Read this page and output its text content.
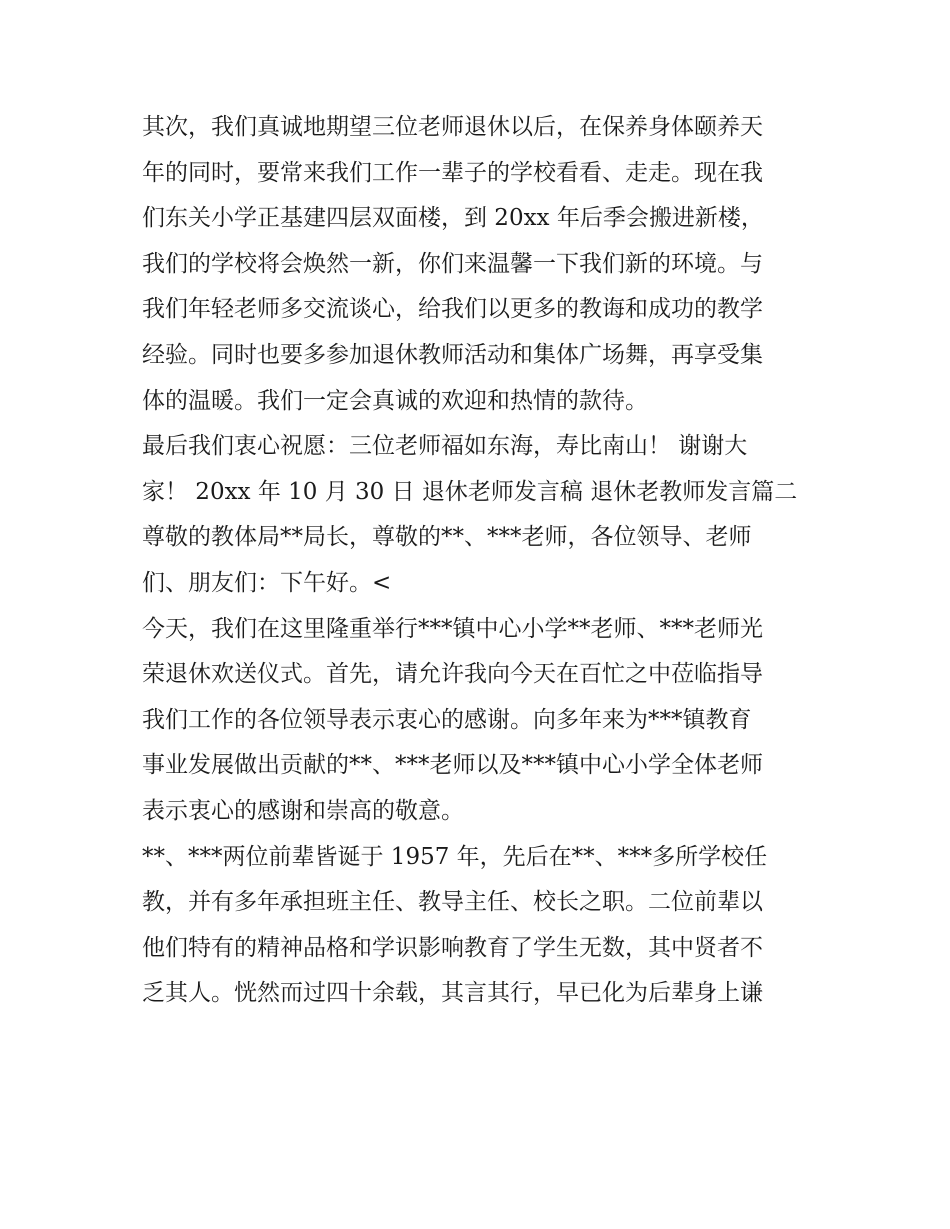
其次，我们真诚地期望三位老师退休以后，在保养身体颐养天
年的同时，要常来我们工作一辈子的学校看看、走走。现在我
们东关小学正基建四层双面楼，到 20xx 年后季会搬进新楼，
我们的学校将会焕然一新，你们来温馨一下我们新的环境。与
我们年轻老师多交流谈心，给我们以更多的教诲和成功的教学
经验。同时也要多参加退休教师活动和集体广场舞，再享受集
体的温暖。我们一定会真诚的欢迎和热情的款待。
最后我们衷心祝愿：三位老师福如东海，寿比南山！ 谢谢大
家！ 20xx 年 10 月 30 日 退休老师发言稿 退休老教师发言篇二
尊敬的教体局**局长，尊敬的**、***老师，各位领导、老师
们、朋友们：下午好。<
今天，我们在这里隆重举行***镇中心小学**老师、***老师光
荣退休欢送仪式。首先，请允许我向今天在百忙之中莅临指导
我们工作的各位领导表示衷心的感谢。向多年来为***镇教育
事业发展做出贡献的**、***老师以及***镇中心小学全体老师
表示衷心的感谢和崇高的敬意。
**、***两位前辈皆诞于 1957 年，先后在**、***多所学校任
教，并有多年承担班主任、教导主任、校长之职。二位前辈以
他们特有的精神品格和学识影响教育了学生无数，其中贤者不
乏其人。恍然而过四十余载，其言其行，早已化为后辈身上谦
